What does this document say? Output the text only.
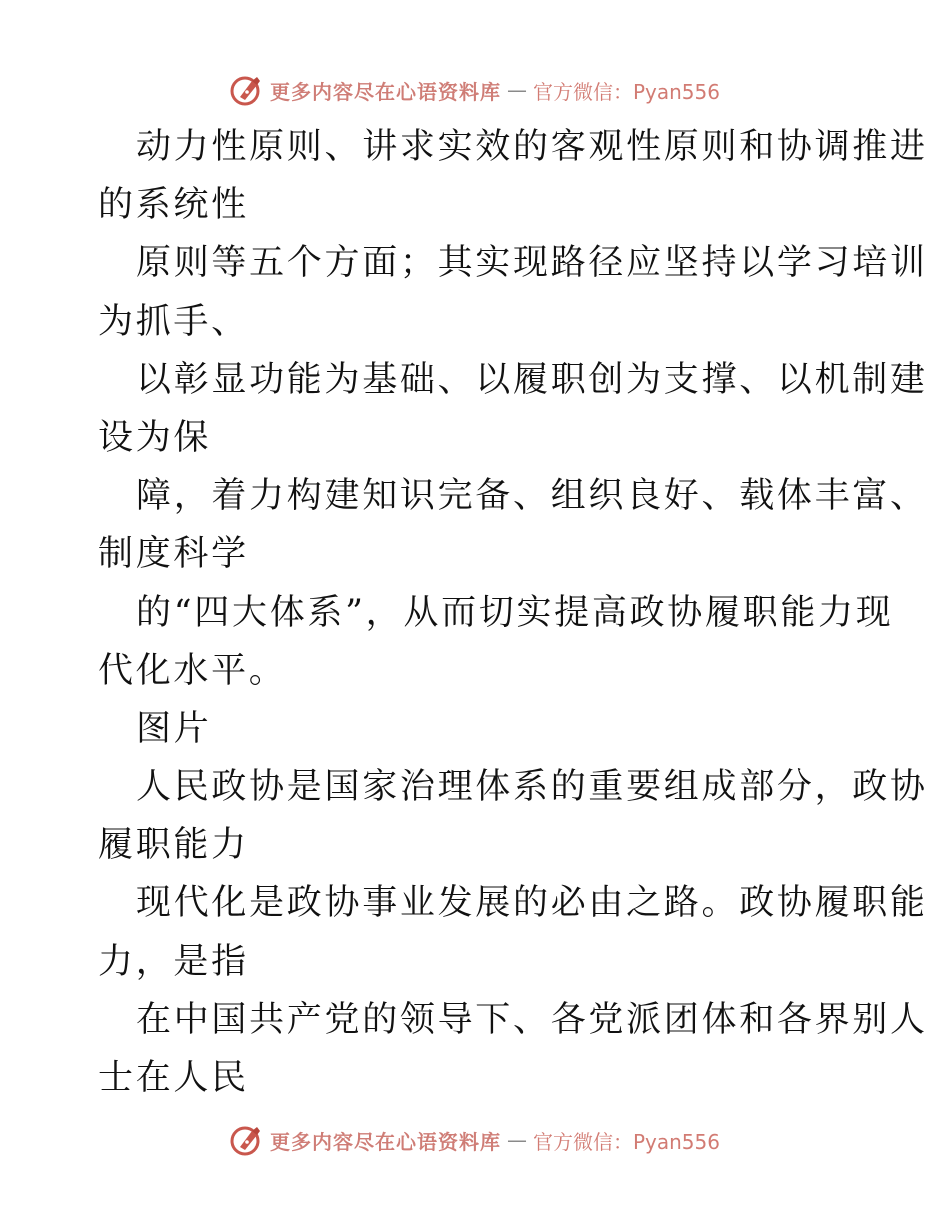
更多内容尽在心语资料库 — 官方微信：Pyan556
动力性原则、讲求实效的客观性原则和协调推进
的系统性
原则等五个方面；其实现路径应坚持以学习培训
为抓手、
以彰显功能为基础、以履职创为支撑、以机制建
设为保
障，着力构建知识完备、组织良好、载体丰富、
制度科学
的“四大体系”，从而切实提高政协履职能力现
代化水平。
图片
人民政协是国家治理体系的重要组成部分，政协
履职能力
现代化是政协事业发展的必由之路。政协履职能
力，是指
在中国共产党的领导下、各党派团体和各界别人
士在人民
更多内容尽在心语资料库 — 官方微信：Pyan556
